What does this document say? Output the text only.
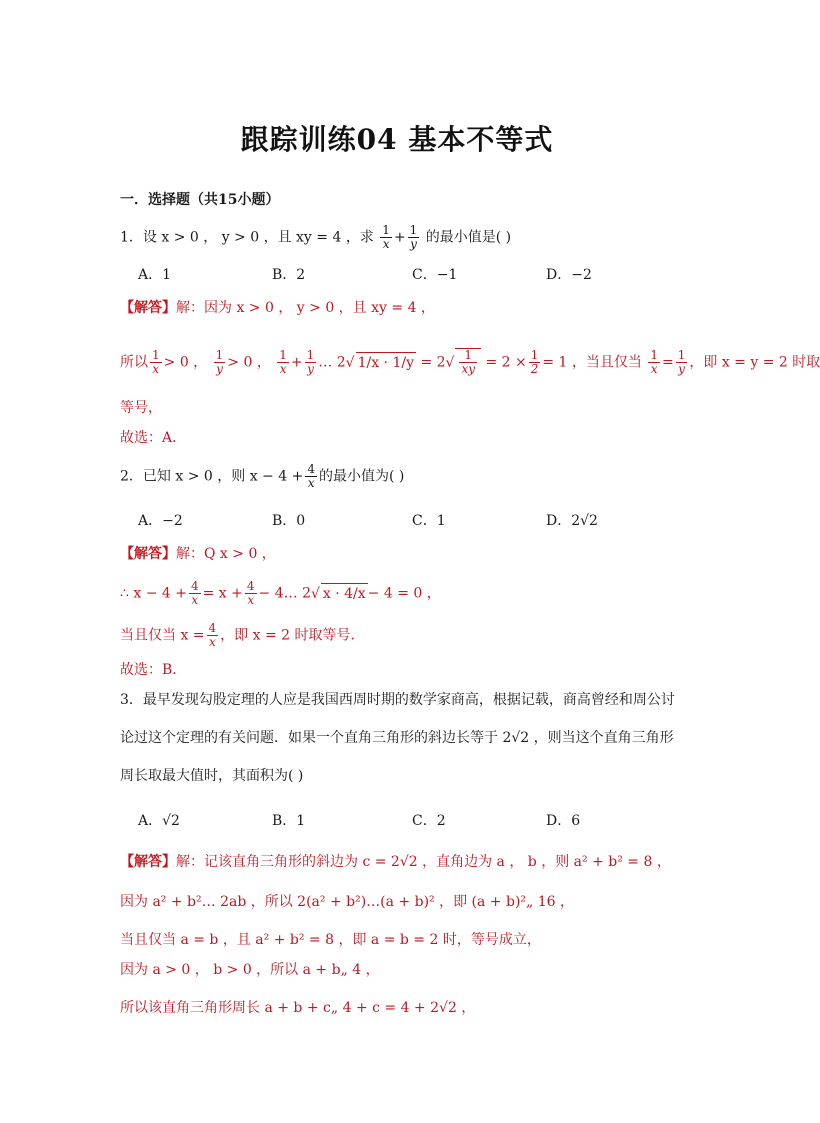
跟踪训练04 基本不等式
一．选择题（共15小题）
1．设 x > 0 ， y > 0 ，且 xy = 4 ，求 $\frac{1}{x} + \frac{1}{y}$ 的最小值是( )
A．1	B．2	C．−1	D．−2
【解答】解：因为 x > 0 ， y > 0 ，且 xy = 4 ，
所以 $\frac{1}{x} > 0$ ， $\frac{1}{y} > 0$ ， $\frac{1}{x} + \frac{1}{y}$ … 2√ $1/x \cdot 1/y = 2√ \frac{1}{xy} = 2 \times \frac{1}{2} = 1$ ，当且仅当 $\frac{1}{x} = \frac{1}{y}$ ，即 x = y = 2 时取
等号，
故选：A．
2．已知 x > 0 ，则 $x - 4 + \frac{4}{x}$ 的最小值为( )
A．−2	B．0	C．1	D．2√2
【解答】解：Q x > 0 ，
∴ $x - 4 + \frac{4}{x} = x + \frac{4}{x}$ − 4… 2√ x · 4/x − 4 = 0 ，
当且仅当 $x = \frac{4}{x}$ ，即 x = 2 时取等号．
故选：B．
3．最早发现勾股定理的人应是我国西周时期的数学家商高，根据记载，商高曾经和周公讨
论过这个定理的有关问题．如果一个直角三角形的斜边长等于 2√2 ，则当这个直角三角形
周长取最大值时，其面积为( )
A．√2	B．1	C．2	D．6
【解答】解：记该直角三角形的斜边为 c = 2√2 ，直角边为 a ， b ，则 a² + b² = 8 ，
因为 a² + b²… 2ab ，所以 2(a² + b²)…(a + b)² ，即 (a + b)²„ 16 ，
当且仅当 a = b ，且 a² + b² = 8 ，即 a = b = 2 时，等号成立，
因为 a > 0 ， b > 0 ，所以 a + b„ 4 ，
所以该直角三角形周长 a + b + c„ 4 + c = 4 + 2√2 ，
